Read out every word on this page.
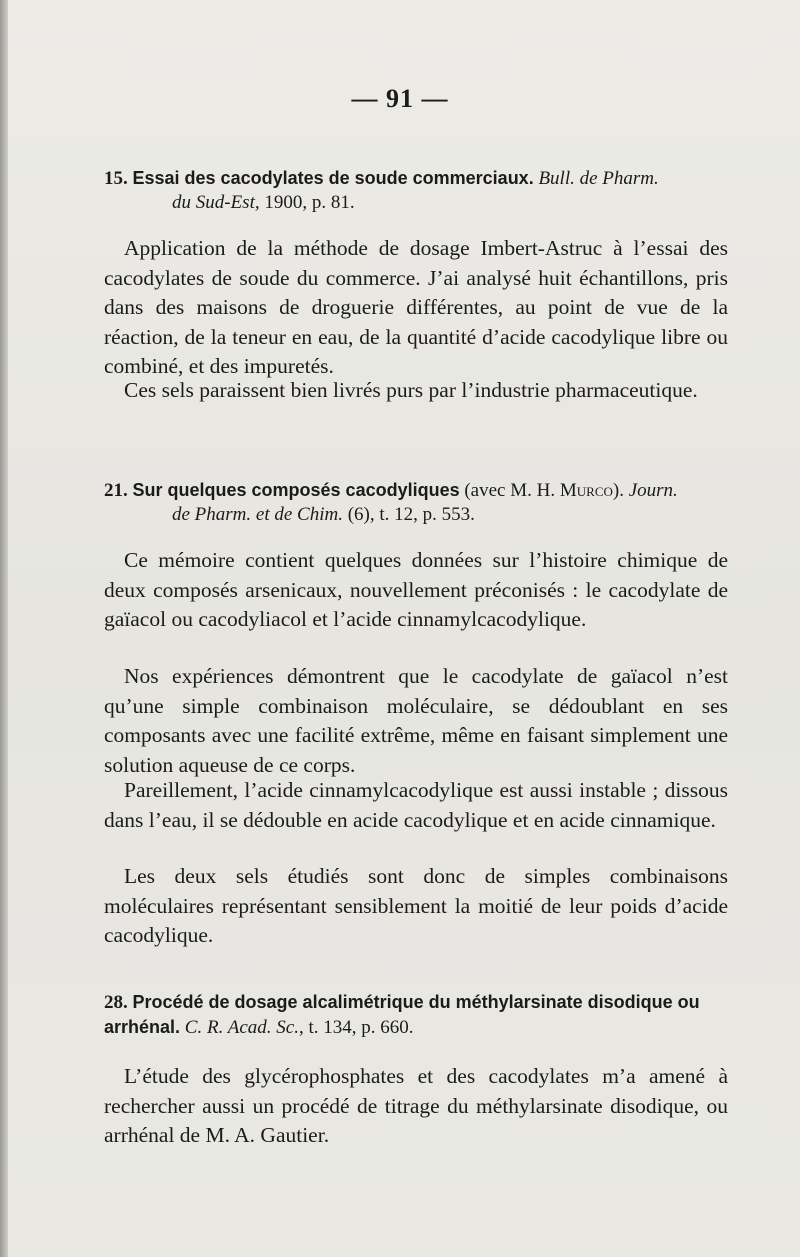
— 91 —
15. Essai des cacodylates de soude commerciaux. Bull. de Pharm.
du Sud-Est, 1900, p. 81.

Application de la méthode de dosage Imbert-Astruc à l’essai des cacodylates de soude du commerce. J’ai analysé huit échantillons, pris dans des maisons de droguerie différentes, au point de vue de la réaction, de la teneur en eau, de la quantité d’acide cacodylique libre ou combiné, et des impuretés.

Ces sels paraissent bien livrés purs par l’industrie pharmaceutique.

21. Sur quelques composés cacodyliques (avec M. H. Murco). Journ.
de Pharm. et de Chim. (6), t. 12, p. 553.

Ce mémoire contient quelques données sur l’histoire chimique de deux composés arsenicaux, nouvellement préconisés : le cacodylate de gaïacol ou cacodyliacol et l’acide cinnamylcacodylique.

Nos expériences démontrent que le cacodylate de gaïacol n’est qu’une simple combinaison moléculaire, se dédoublant en ses composants avec une facilité extrême, même en faisant simplement une solution aqueuse de ce corps.

Pareillement, l’acide cinnamylcacodylique est aussi instable ; dissous dans l’eau, il se dédouble en acide cacodylique et en acide cinnamique.

Les deux sels étudiés sont donc de simples combinaisons moléculaires représentant sensiblement la moitié de leur poids d’acide cacodylique.

28. Procédé de dosage alcalimétrique du méthylarsinate disodique ou arrhénal. C. R. Acad. Sc., t. 134, p. 660.

L’étude des glycérophosphates et des cacodylates m’a amené à rechercher aussi un procédé de titrage du méthylarsinate disodique, ou arrhénal de M. A. Gautier.
